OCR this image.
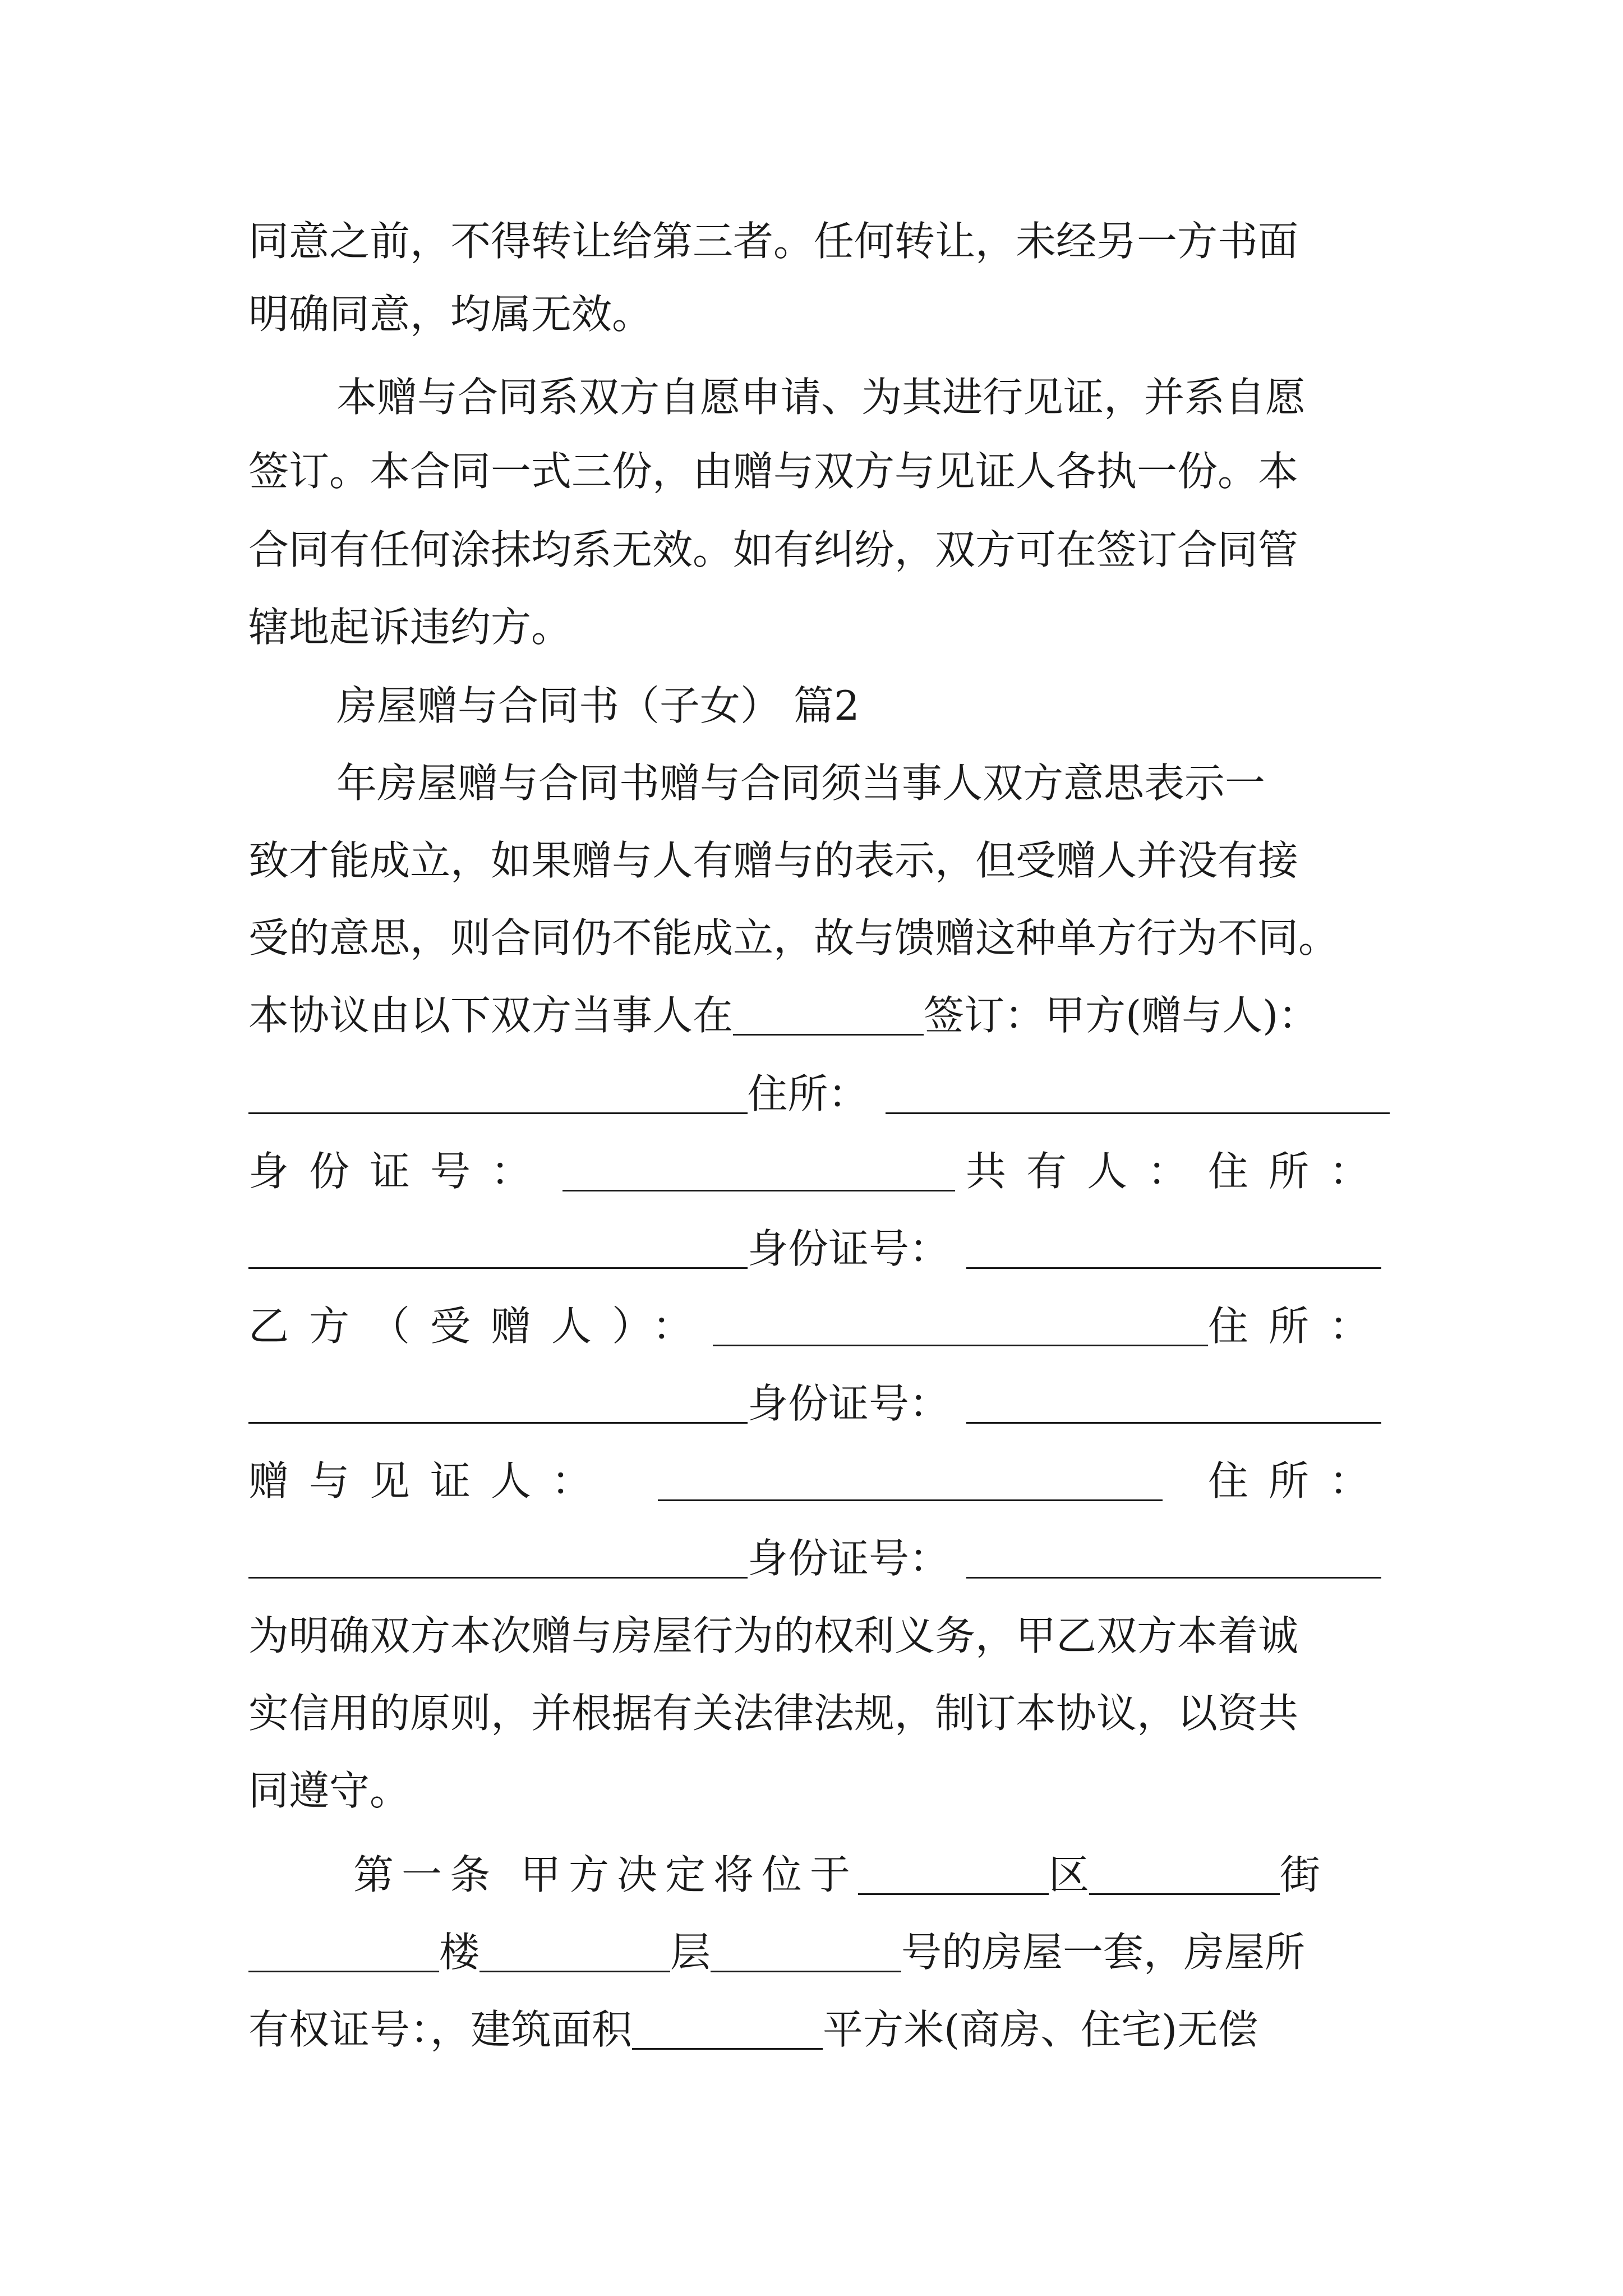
同意之前，不得转让给第三者。任何转让，未经另一方书面
明确同意，均属无效。
本赠与合同系双方自愿申请、为其进行见证，并系自愿
签订。本合同一式三份，由赠与双方与见证人各执一份。本
合同有任何涂抹均系无效。如有纠纷，双方可在签订合同管
辖地起诉违约方。
房屋赠与合同书（子女） 篇2
年房屋赠与合同书赠与合同须当事人双方意思表示一
致才能成立，如果赠与人有赠与的表示，但受赠人并没有接
受的意思，则合同仍不能成立，故与馈赠这种单方行为不同。
本协议由以下双方当事人在	签订：甲方(赠与人)：
住所：
身份证号：	共有人：住所：
身份证号：
乙方（受赠人）：	住所：
身份证号：
赠与见证人：	住所：
身份证号：
为明确双方本次赠与房屋行为的权利义务，甲乙双方本着诚
实信用的原则，并根据有关法律法规，制订本协议，以资共
同遵守。
第一条 甲方决定将位于	区	街
楼	层	号的房屋一套，房屋所
有权证号：，建筑面积	平方米(商房、住宅)无偿
